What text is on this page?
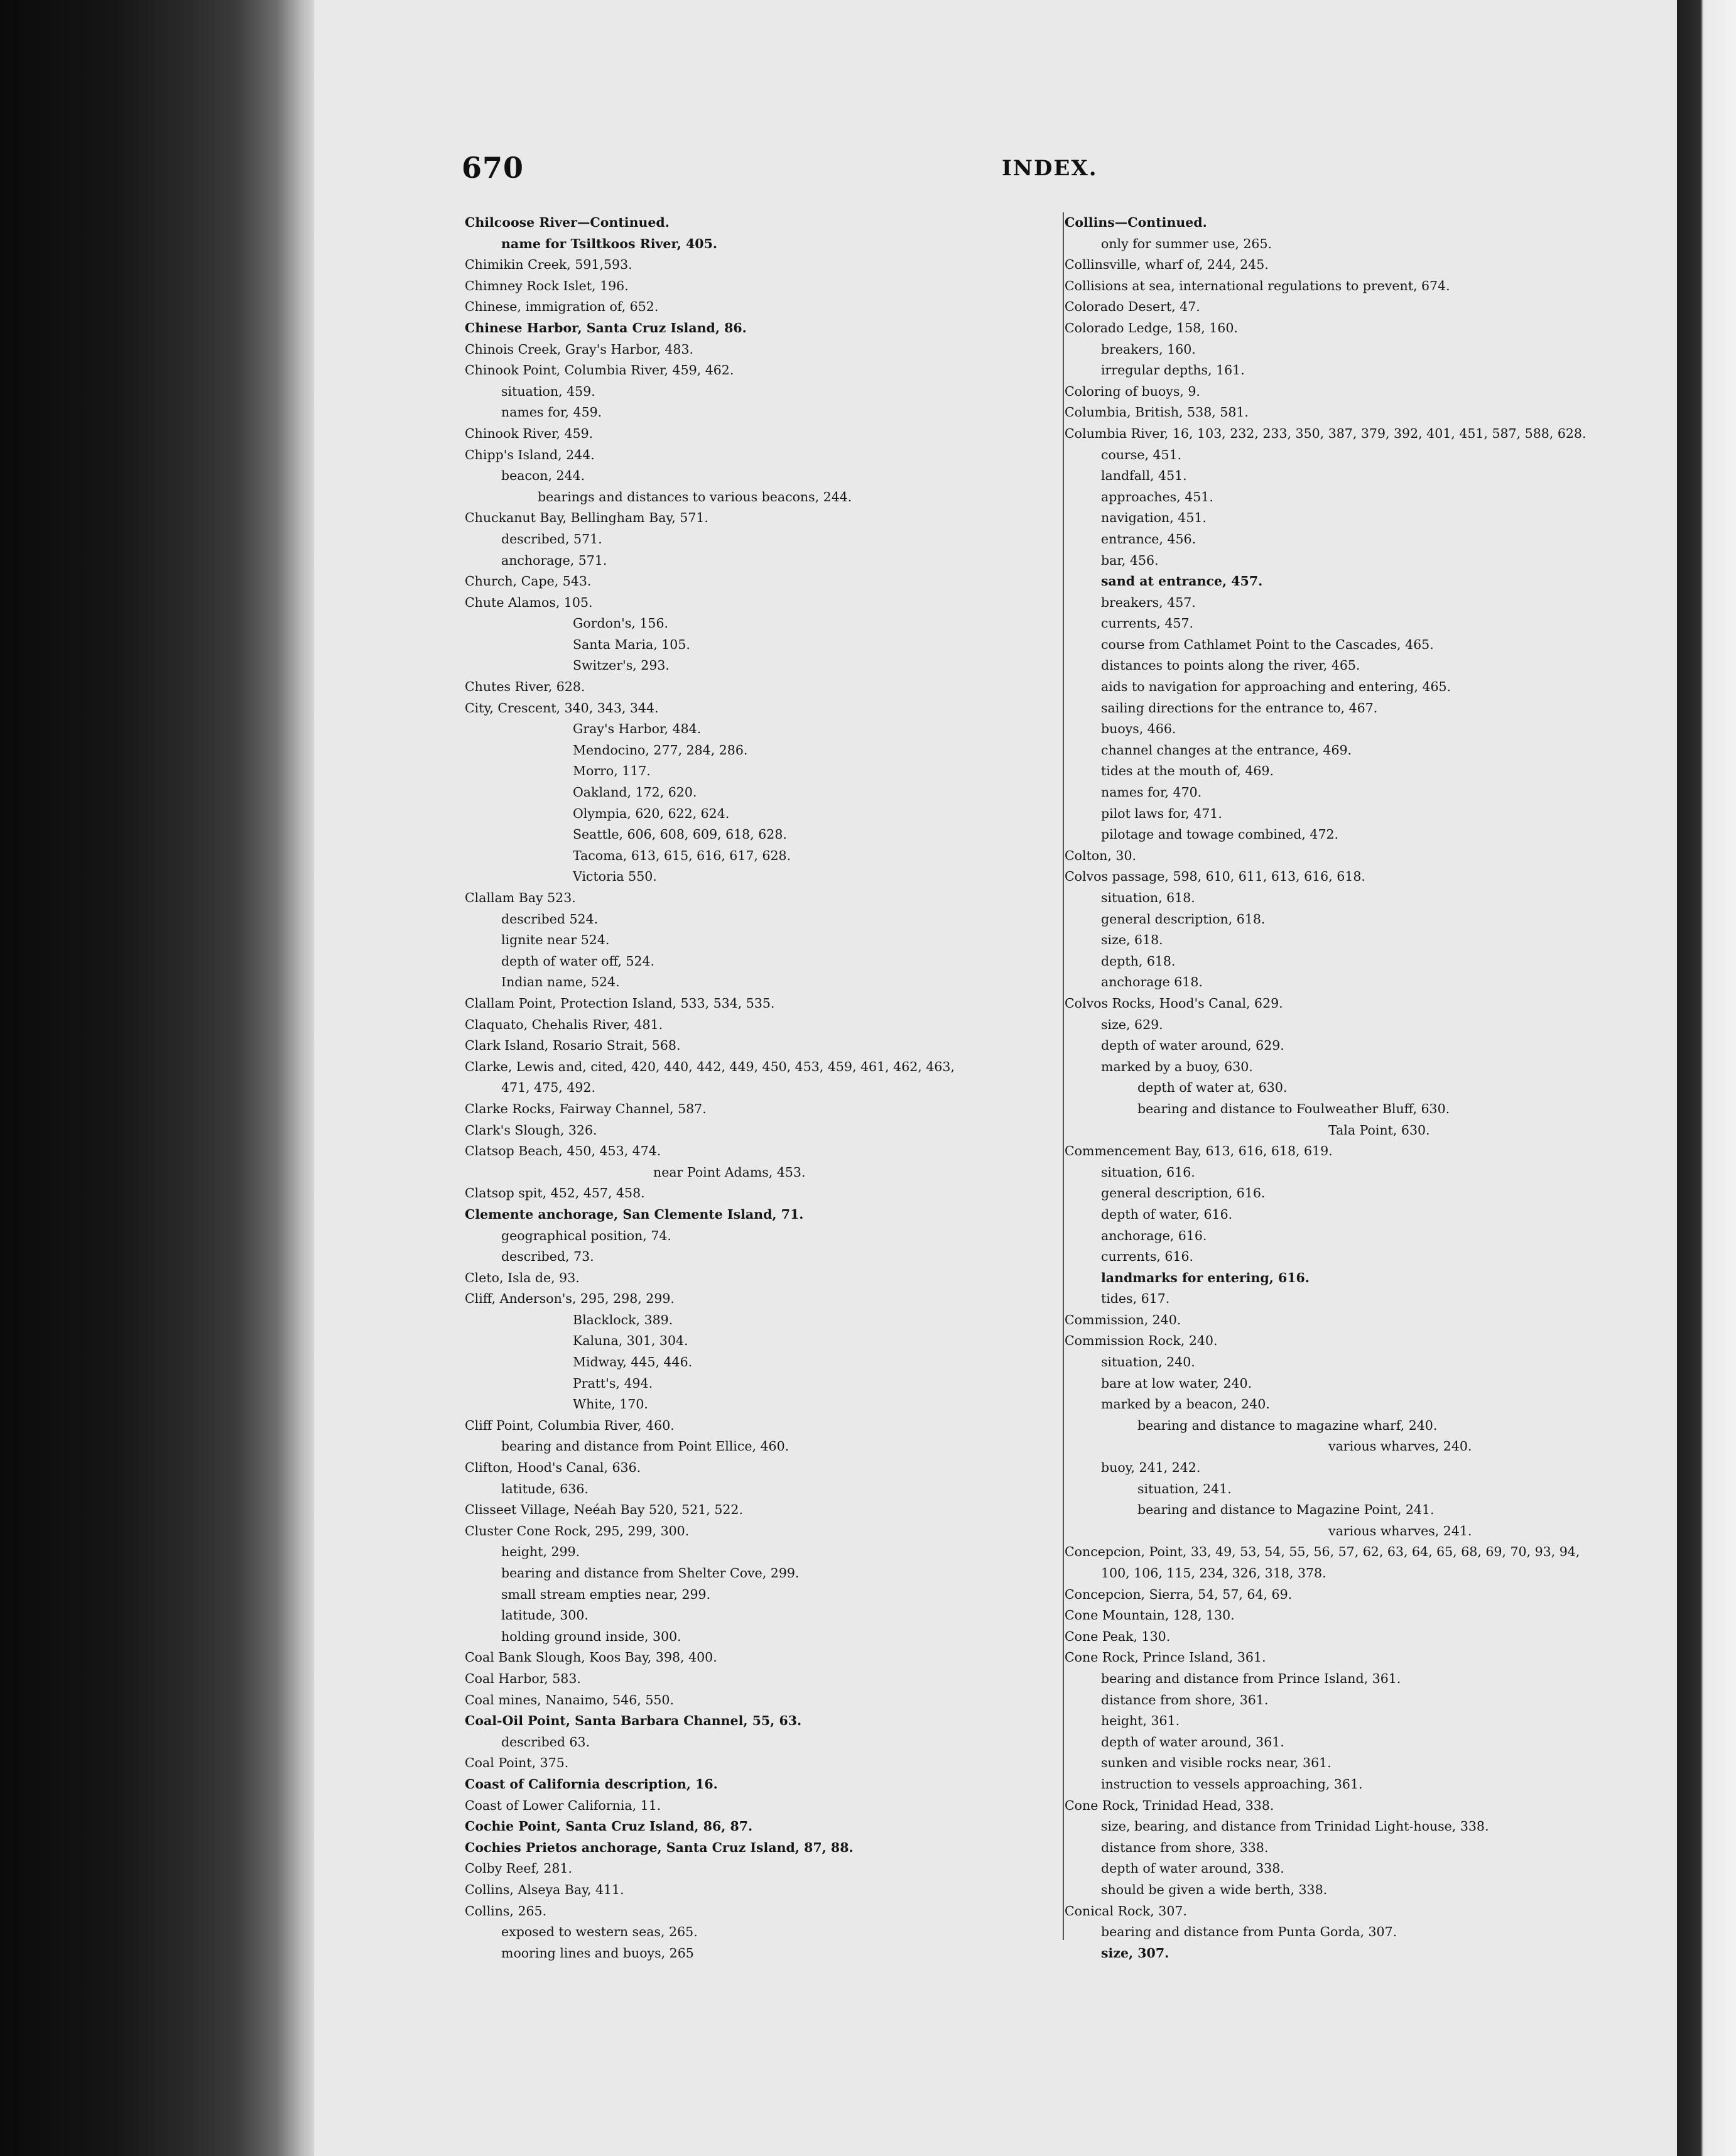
670	INDEX.
Chilcoose River—Continued.
name for Tsiltkoos River, 405.
Chimikin Creek, 591,593.
Chimney Rock Islet, 196.
Chinese, immigration of, 652.
Chinese Harbor, Santa Cruz Island, 86.
Chinois Creek, Gray's Harbor, 483.
Chinook Point, Columbia River, 459, 462.
situation, 459.
names for, 459.
Chinook River, 459.
Chipp's Island, 244.
beacon, 244.
bearings and distances to various beacons, 244.
Chuckanut Bay, Bellingham Bay, 571.
described, 571.
anchorage, 571.
Church, Cape, 543.
Chute Alamos, 105.
Gordon's, 156.
Santa Maria, 105.
Switzer's, 293.
Chutes River, 628.
City, Crescent, 340, 343, 344.
Gray's Harbor, 484.
Mendocino, 277, 284, 286.
Morro, 117.
Oakland, 172, 620.
Olympia, 620, 622, 624.
Seattle, 606, 608, 609, 618, 628.
Tacoma, 613, 615, 616, 617, 628.
Victoria 550.
Clallam Bay 523.
described 524.
lignite near 524.
depth of water off, 524.
Indian name, 524.
Clallam Point, Protection Island, 533, 534, 535.
Claquato, Chehalis River, 481.
Clark Island, Rosario Strait, 568.
Clarke, Lewis and, cited, 420, 440, 442, 449, 450, 453, 459, 461, 462, 463,
471, 475, 492.
Clarke Rocks, Fairway Channel, 587.
Clark's Slough, 326.
Clatsop Beach, 450, 453, 474.
near Point Adams, 453.
Clatsop spit, 452, 457, 458.
Clemente anchorage, San Clemente Island, 71.
geographical position, 74.
described, 73.
Cleto, Isla de, 93.
Cliff, Anderson's, 295, 298, 299.
Blacklock, 389.
Kaluna, 301, 304.
Midway, 445, 446.
Pratt's, 494.
White, 170.
Cliff Point, Columbia River, 460.
bearing and distance from Point Ellice, 460.
Clifton, Hood's Canal, 636.
latitude, 636.
Clisseet Village, Neéah Bay 520, 521, 522.
Cluster Cone Rock, 295, 299, 300.
height, 299.
bearing and distance from Shelter Cove, 299.
small stream empties near, 299.
latitude, 300.
holding ground inside, 300.
Coal Bank Slough, Koos Bay, 398, 400.
Coal Harbor, 583.
Coal mines, Nanaimo, 546, 550.
Coal-Oil Point, Santa Barbara Channel, 55, 63.
described 63.
Coal Point, 375.
Coast of California description, 16.
Coast of Lower California, 11.
Cochie Point, Santa Cruz Island, 86, 87.
Cochies Prietos anchorage, Santa Cruz Island, 87, 88.
Colby Reef, 281.
Collins, Alseya Bay, 411.
Collins, 265.
exposed to western seas, 265.
mooring lines and buoys, 265
Collins—Continued.
only for summer use, 265.
Collinsville, wharf of, 244, 245.
Collisions at sea, international regulations to prevent, 674.
Colorado Desert, 47.
Colorado Ledge, 158, 160.
breakers, 160.
irregular depths, 161.
Coloring of buoys, 9.
Columbia, British, 538, 581.
Columbia River, 16, 103, 232, 233, 350, 387, 379, 392, 401, 451, 587, 588, 628.
course, 451.
landfall, 451.
approaches, 451.
navigation, 451.
entrance, 456.
bar, 456.
sand at entrance, 457.
breakers, 457.
currents, 457.
course from Cathlamet Point to the Cascades, 465.
distances to points along the river, 465.
aids to navigation for approaching and entering, 465.
sailing directions for the entrance to, 467.
buoys, 466.
channel changes at the entrance, 469.
tides at the mouth of, 469.
names for, 470.
pilot laws for, 471.
pilotage and towage combined, 472.
Colton, 30.
Colvos passage, 598, 610, 611, 613, 616, 618.
situation, 618.
general description, 618.
size, 618.
depth, 618.
anchorage 618.
Colvos Rocks, Hood's Canal, 629.
size, 629.
depth of water around, 629.
marked by a buoy, 630.
depth of water at, 630.
bearing and distance to Foulweather Bluff, 630.
Tala Point, 630.
Commencement Bay, 613, 616, 618, 619.
situation, 616.
general description, 616.
depth of water, 616.
anchorage, 616.
currents, 616.
landmarks for entering, 616.
tides, 617.
Commission, 240.
Commission Rock, 240.
situation, 240.
bare at low water, 240.
marked by a beacon, 240.
bearing and distance to magazine wharf, 240.
various wharves, 240.
buoy, 241, 242.
situation, 241.
bearing and distance to Magazine Point, 241.
various wharves, 241.
Concepcion, Point, 33, 49, 53, 54, 55, 56, 57, 62, 63, 64, 65, 68, 69, 70, 93, 94,
100, 106, 115, 234, 326, 318, 378.
Concepcion, Sierra, 54, 57, 64, 69.
Cone Mountain, 128, 130.
Cone Peak, 130.
Cone Rock, Prince Island, 361.
bearing and distance from Prince Island, 361.
distance from shore, 361.
height, 361.
depth of water around, 361.
sunken and visible rocks near, 361.
instruction to vessels approaching, 361.
Cone Rock, Trinidad Head, 338.
size, bearing, and distance from Trinidad Light-house, 338.
distance from shore, 338.
depth of water around, 338.
should be given a wide berth, 338.
Conical Rock, 307.
bearing and distance from Punta Gorda, 307.
size, 307.
